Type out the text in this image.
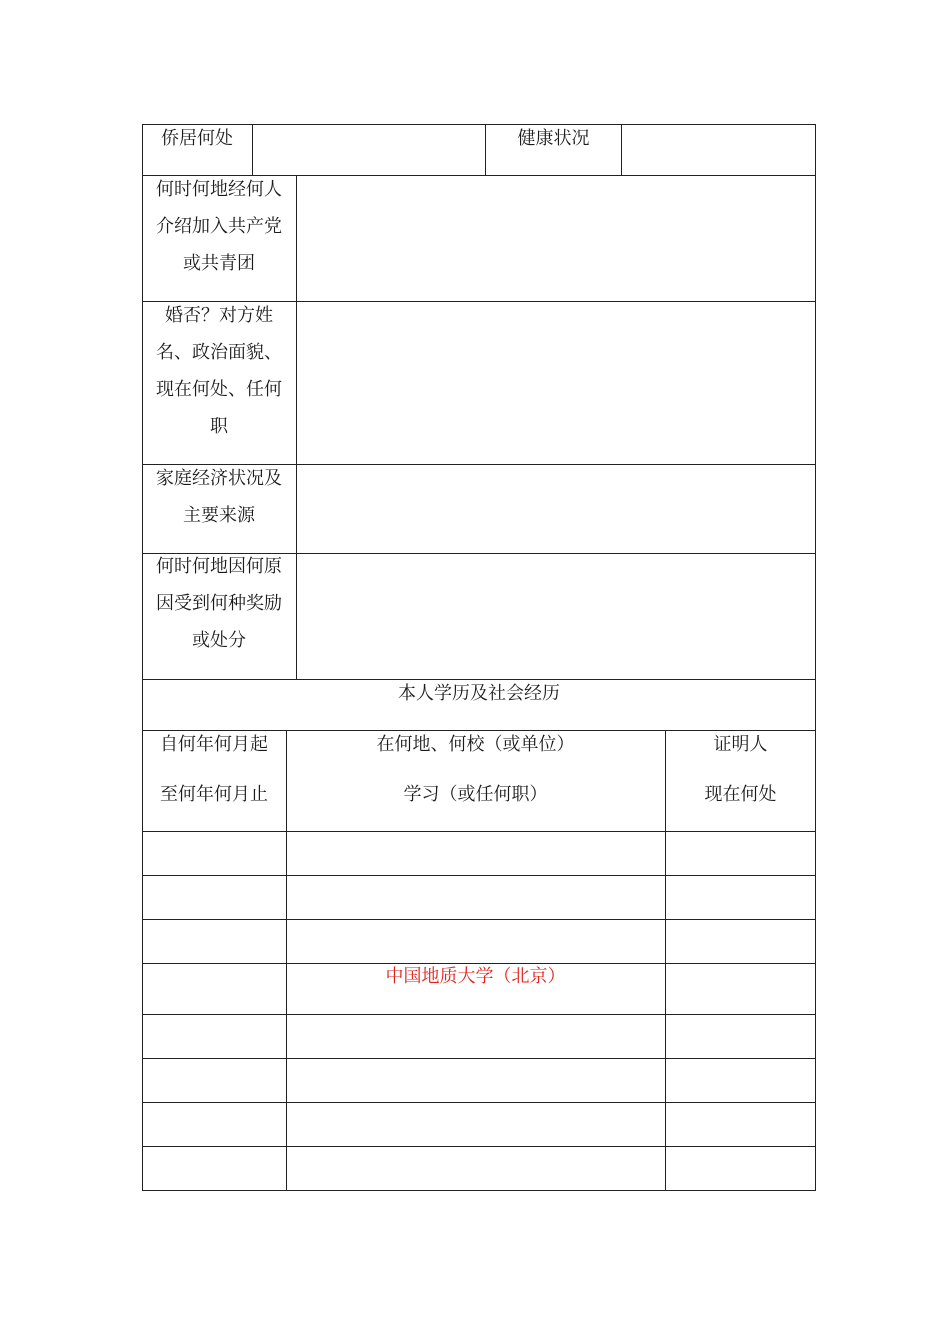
侨居何处	健康状况
何时何地经何人
介绍加入共产党
或共青团
婚否？对方姓
名、政治面貌、
现在何处、任何
职
家庭经济状况及
主要来源
何时何地因何原
因受到何种奖励
或处分
本人学历及社会经历
自何年何月起
至何年何月止
在何地、何校（或单位）
学习（或任何职）
证明人
现在何处
中国地质大学（北京）
